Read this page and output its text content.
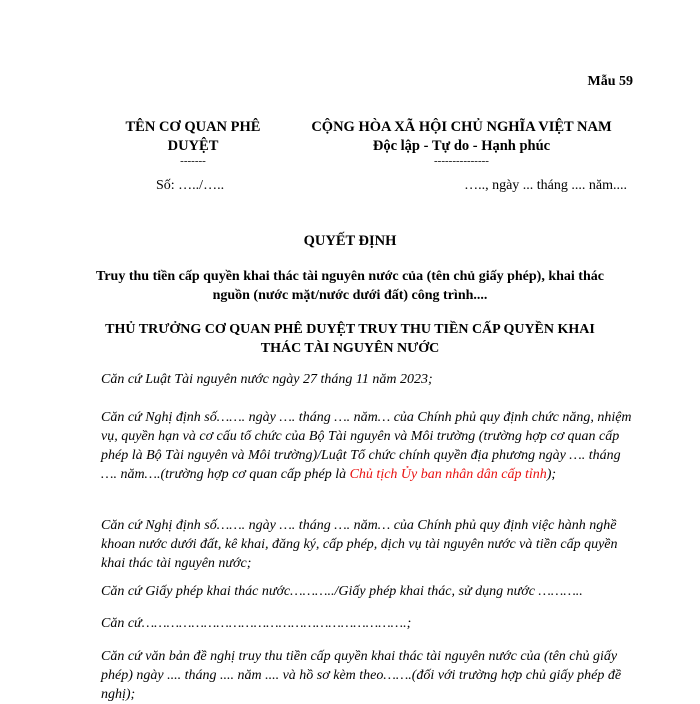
Mẫu 59
TÊN CƠ QUAN PHÊ DUYỆT
-------
CỘNG HÒA XÃ HỘI CHỦ NGHĨA VIỆT NAM
Độc lập - Tự do - Hạnh phúc
---------------
Số: …../…..	….., ngày ... tháng .... năm....
QUYẾT ĐỊNH
Truy thu tiền cấp quyền khai thác tài nguyên nước của (tên chủ giấy phép), khai thác nguồn (nước mặt/nước dưới đất) công trình....
THỦ TRƯỞNG CƠ QUAN PHÊ DUYỆT TRUY THU TIỀN CẤP QUYỀN KHAI THÁC TÀI NGUYÊN NƯỚC
Căn cứ Luật Tài nguyên nước ngày 27 tháng 11 năm 2023;
Căn cứ Nghị định số……. ngày …. tháng …. năm… của Chính phủ quy định chức năng, nhiệm vụ, quyền hạn và cơ cấu tổ chức của Bộ Tài nguyên và Môi trường (trường hợp cơ quan cấp phép là Bộ Tài nguyên và Môi trường)/Luật Tổ chức chính quyền địa phương ngày …. tháng …. năm….(trường hợp cơ quan cấp phép là Chủ tịch Ủy ban nhân dân cấp tỉnh);
Căn cứ Nghị định số……. ngày …. tháng …. năm… của Chính phủ quy định việc hành nghề khoan nước dưới đất, kê khai, đăng ký, cấp phép, dịch vụ tài nguyên nước và tiền cấp quyền khai thác tài nguyên nước;
Căn cứ Giấy phép khai thác nước………../Giấy phép khai thác, sử dụng nước ………..
Căn cứ……………………………………………………….;
Căn cứ văn bản đề nghị truy thu tiền cấp quyền khai thác tài nguyên nước của (tên chủ giấy phép) ngày .... tháng .... năm .... và hồ sơ kèm theo…….(đối với trường hợp chủ giấy phép đề nghị);
